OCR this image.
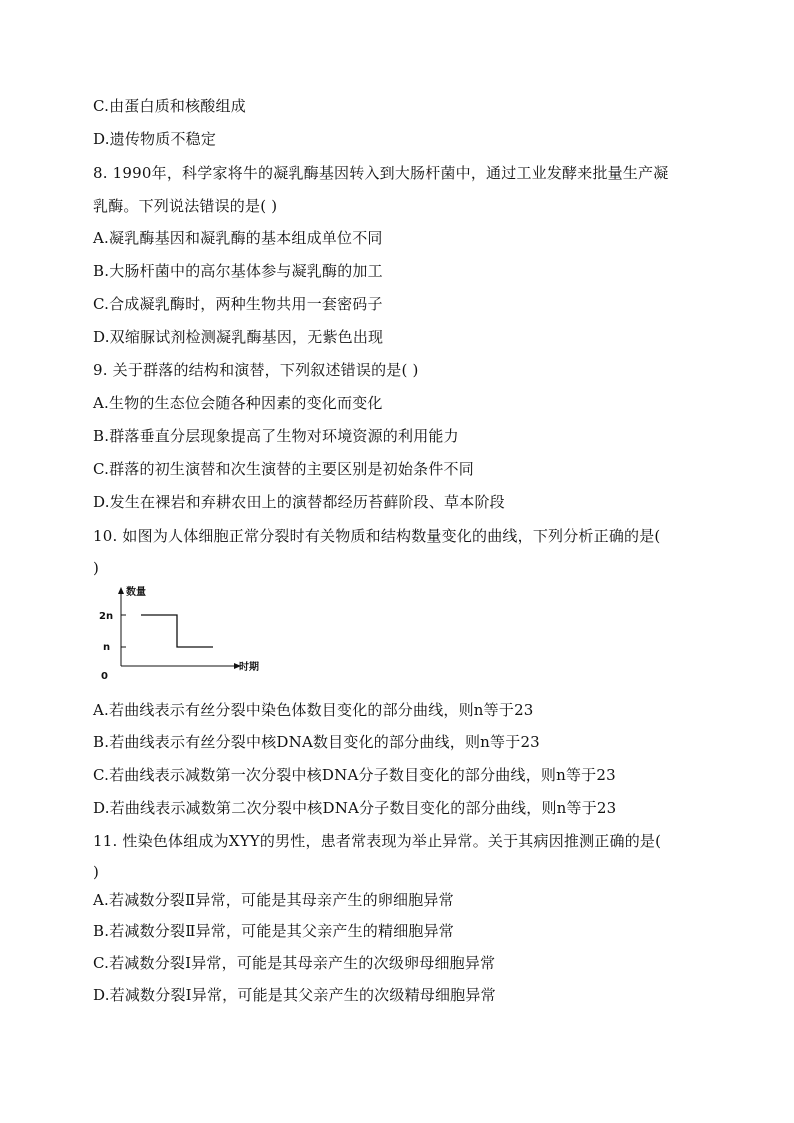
C.由蛋白质和核酸组成
D.遗传物质不稳定
8. 1990年，科学家将牛的凝乳酶基因转入到大肠杆菌中，通过工业发酵来批量生产凝
乳酶。下列说法错误的是( )
A.凝乳酶基因和凝乳酶的基本组成单位不同
B.大肠杆菌中的高尔基体参与凝乳酶的加工
C.合成凝乳酶时，两种生物共用一套密码子
D.双缩脲试剂检测凝乳酶基因，无紫色出现
9. 关于群落的结构和演替，下列叙述错误的是( )
A.生物的生态位会随各种因素的变化而变化
B.群落垂直分层现象提高了生物对环境资源的利用能力
C.群落的初生演替和次生演替的主要区别是初始条件不同
D.发生在裸岩和弃耕农田上的演替都经历苔藓阶段、草本阶段
10. 如图为人体细胞正常分裂时有关物质和结构数量变化的曲线，下列分析正确的是(
)
数量
时期
2n
n
0
A.若曲线表示有丝分裂中染色体数目变化的部分曲线，则n等于23
B.若曲线表示有丝分裂中核DNA数目变化的部分曲线，则n等于23
C.若曲线表示减数第一次分裂中核DNA分子数目变化的部分曲线，则n等于23
D.若曲线表示减数第二次分裂中核DNA分子数目变化的部分曲线，则n等于23
11. 性染色体组成为XYY的男性，患者常表现为举止异常。关于其病因推测正确的是(
)
A.若减数分裂Ⅱ异常，可能是其母亲产生的卵细胞异常
B.若减数分裂Ⅱ异常，可能是其父亲产生的精细胞异常
C.若减数分裂Ⅰ异常，可能是其母亲产生的次级卵母细胞异常
D.若减数分裂Ⅰ异常，可能是其父亲产生的次级精母细胞异常
